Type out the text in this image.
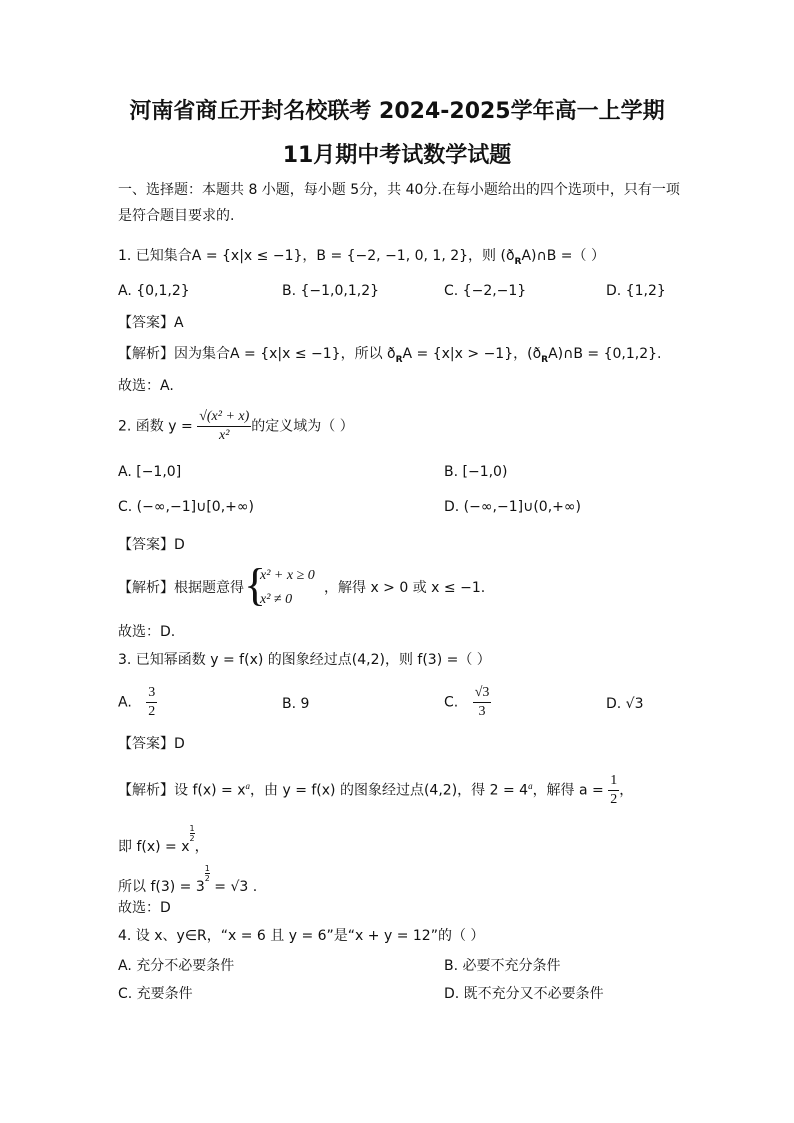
河南省商丘开封名校联考 2024-2025学年高一上学期
11月期中考试数学试题
一、选择题：本题共 8 小题，每小题 5分，共 40分.在每小题给出的四个选项中，只有一项
是符合题目要求的.
1. 已知集合A = {x|x ≤ −1}，B = {−2, −1, 0, 1, 2}，则 $(ð_RA)\cap B$ =（ ）
A. {0,1,2}	B. {−1,0,1,2}	C. {−2,−1}	D. {1,2}
【答案】A
【解析】因为集合A = {x|x ≤ −1}，所以 $ð_RA = \{x|x > -1\}$，$(ð_RA)\cap B = \{0,1,2\}$.
故选：A.
2. 函数 $y = \frac{\text{√(x² + x)}}{\text{x²}}$ 的定义域为（ ）
A. [−1,0]	B. [−1,0)
C. (−∞,−1]∪[0,+∞)	D. (−∞,−1]∪(0,+∞)
【答案】D
【解析】根据题意得 {
x² + x ≥ 0
x² ≠ 0
，解得 x > 0 或 x ≤ −1.
故选：D.
3. 已知幂函数 y = f(x) 的图象经过点(4,2)，则 f(3) =（ ）
A. $\frac{3}{2}$	B. 9	C. $\frac{√3}{3}$	D. √3
【答案】D
【解析】设 $f(x) = x^a$，由 y = f(x) 的图象经过点(4,2)，得 $2 = 4^a$，解得 $a = \frac{1}{2}$ ，
即 f(x) = x
$^{\frac{1}{2}}$
，
所以 f(3) = 3
$^{\frac{1}{2}}$
= √3 .
故选：D
4. 设 x、y∈R，“x = 6 且 y = 6”是“x + y = 12”的（ ）
A. 充分不必要条件	B. 必要不充分条件
C. 充要条件	D. 既不充分又不必要条件
